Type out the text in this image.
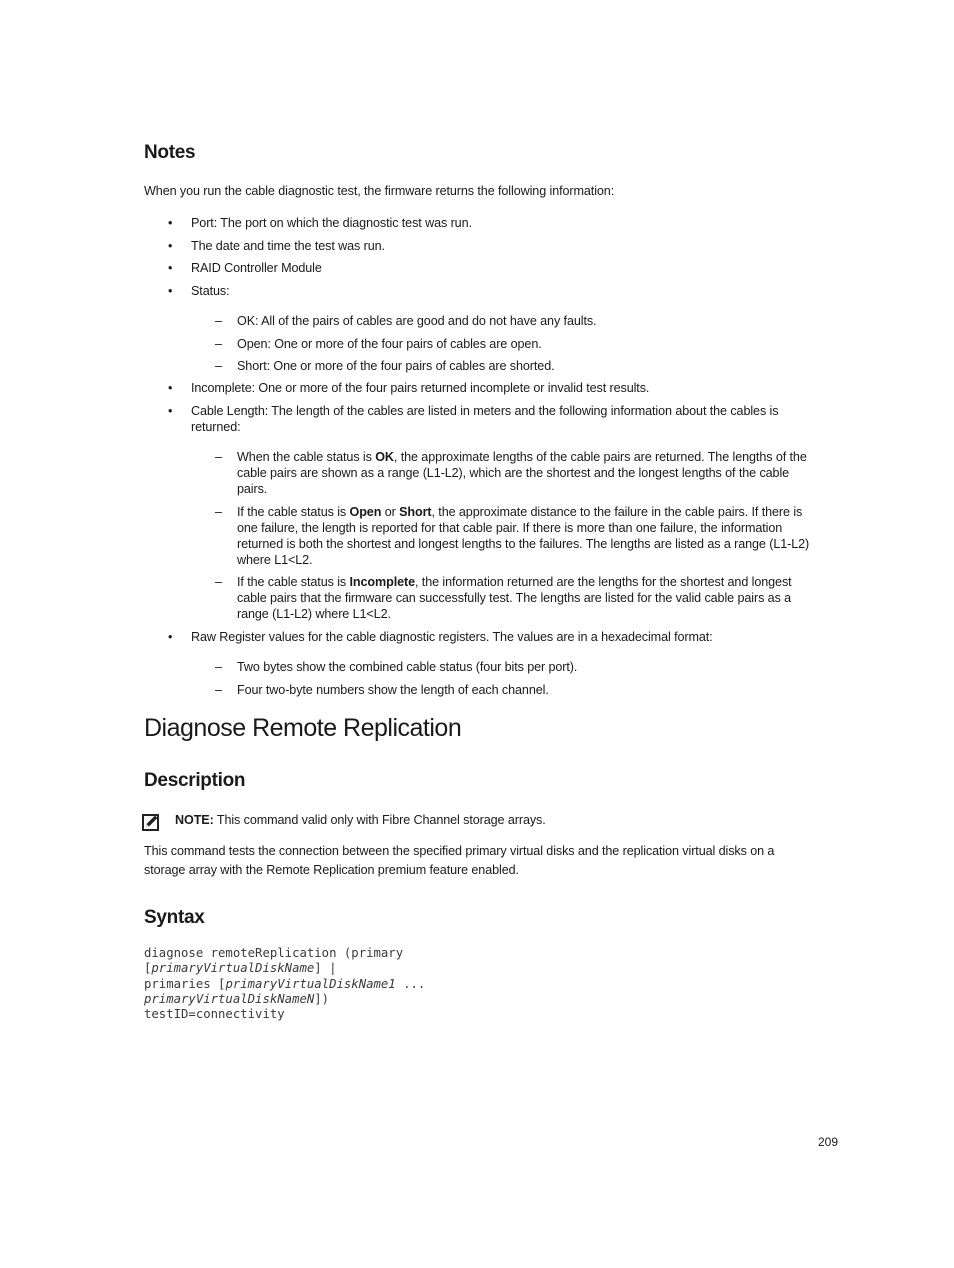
Notes
When you run the cable diagnostic test, the firmware returns the following information:
• Port: The port on which the diagnostic test was run.
• The date and time the test was run.
• RAID Controller Module
• Status:
– OK: All of the pairs of cables are good and do not have any faults.
– Open: One or more of the four pairs of cables are open.
– Short: One or more of the four pairs of cables are shorted.
• Incomplete: One or more of the four pairs returned incomplete or invalid test results.
• Cable Length: The length of the cables are listed in meters and the following information about the cables is
returned:
– When the cable status is OK, the approximate lengths of the cable pairs are returned. The lengths of the
cable pairs are shown as a range (L1-L2), which are the shortest and the longest lengths of the cable
pairs.
– If the cable status is Open or Short, the approximate distance to the failure in the cable pairs. If there is
one failure, the length is reported for that cable pair. If there is more than one failure, the information
returned is both the shortest and longest lengths to the failures. The lengths are listed as a range (L1-L2)
where L1<L2.
– If the cable status is Incomplete, the information returned are the lengths for the shortest and longest
cable pairs that the firmware can successfully test. The lengths are listed for the valid cable pairs as a
range (L1-L2) where L1<L2.
• Raw Register values for the cable diagnostic registers. The values are in a hexadecimal format:
– Two bytes show the combined cable status (four bits per port).
– Four two-byte numbers show the length of each channel.
Diagnose Remote Replication
Description
NOTE: This command valid only with Fibre Channel storage arrays.
This command tests the connection between the specified primary virtual disks and the replication virtual disks on a
storage array with the Remote Replication premium feature enabled.
Syntax
diagnose remoteReplication (primary
[primaryVirtualDiskName] |
primaries [primaryVirtualDiskName1 ...
primaryVirtualDiskNameN])
testID=connectivity
209
